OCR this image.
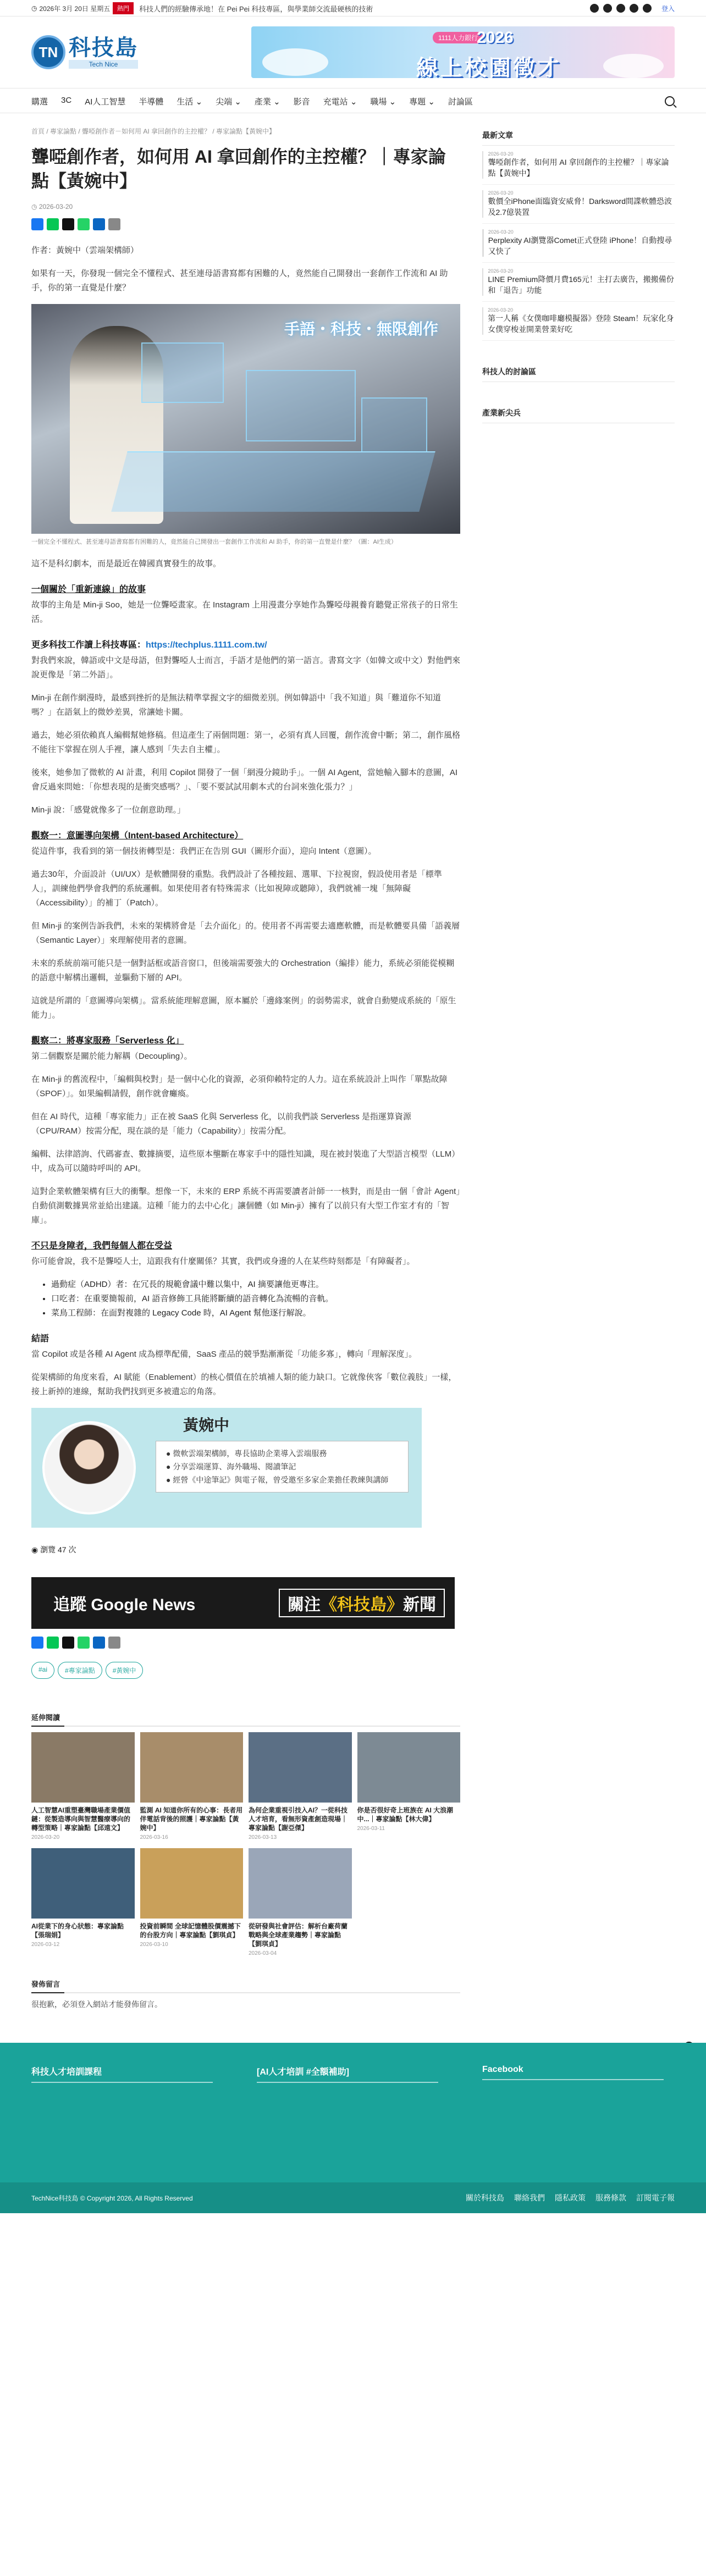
◷ 2026年 3月 20日 星期五	熱門	科技人們的經驗傳承地！在 Pei Pei 科技專區，與學業師交流最硬核的技術	登入
TN 科技島
Tech Nice
1111人力銀行
2026
線上校園徵才
購選 3C AI人工智慧 半導體 生活 ⌄ 尖端 ⌄ 產業 ⌄ 影音 充電站 ⌄ 職場 ⌄ 專題 ⌄ 討論區
首頁 / 專家論點 / 聾啞創作者－如何用 AI 拿回創作的主控權？ / 專家論點【黃婉中】
聾啞創作者，如何用 AI 拿回創作的主控權？｜專家論點【黃婉中】
◷ 2026-03-20

作者：黃婉中（雲端架構師）

如果有一天，你發現一個完全不懂程式、甚至連母語書寫都有困難的人，竟然能自己開發出一套創作工作流和 AI 助手，你的第一直覺是什麼？

手語・科技・無限創作
一個完全不懂程式、甚至連母語書寫都有困難的人，竟然能自己開發出一套創作工作流和 AI 助手，你的第一直覺是什麼？（圖：AI生成）

這不是科幻劇本，而是最近在韓國真實發生的故事。

一個關於「重新連線」的故事

故事的主角是 Min-ji Soo，她是一位聾啞畫家。在 Instagram 上用漫畫分享她作為聾啞母親養育聽覺正常孩子的日常生活。

更多科技工作讀上科技專區：https://techplus.1111.com.tw/

對我們來說，韓語或中文是母語，但對聾啞人士而言，手語才是他們的第一語言。書寫文字（如韓文或中文）對他們來說更像是「第二外語」。

Min-ji 在創作網漫時，最感到挫折的是無法精準掌握文字的細微差別。例如韓語中「我不知道」與「難道你不知道嗎？」在語氣上的微妙差異，常讓她卡關。

過去，她必須依賴真人編輯幫她修稿。但這產生了兩個問題：第一，必須有真人回覆，創作流會中斷；第二，創作風格不能往下掌握在別人手裡，讓人感到「失去自主權」。

後來，她參加了微軟的 AI 計畫，利用 Copilot 開發了一個「網漫分鏡助手」。一個 AI Agent，當她輸入腳本的意圖，AI 會反過來問她：「你想表現的是衝突感嗎？」、「要不要試試用劇本式的台詞來強化張力？」

Min-ji 說：「感覺就像多了一位創意助理。」

觀察一：意圖導向架構（Intent-based Architecture）

從這件事，我看到的第一個技術轉型是：我們正在告別 GUI（圖形介面），迎向 Intent（意圖）。

過去30年，介面設計（UI/UX）是軟體開發的重點。我們設計了各種按鈕、選單、下拉視窗，假設使用者是「標準人」，訓練他們學會我們的系統邏輯。如果使用者有特殊需求（比如視障或聽障），我們就補一塊「無障礙（Accessibility）」的補丁（Patch）。

但 Min-ji 的案例告訴我們，未來的架構將會是「去介面化」的。使用者不再需要去適應軟體，而是軟體要具備「語義層（Semantic Layer）」來理解使用者的意圖。

未來的系統前端可能只是一個對話框或語音窗口，但後端需要強大的 Orchestration（編排）能力，系統必須能從模糊的語意中解構出邏輯，並驅動下層的 API。

這就是所謂的「意圖導向架構」。當系統能理解意圖，原本屬於「邊緣案例」的弱勢需求，就會自動變成系統的「原生能力」。

觀察二：將專家服務「Serverless 化」

第二個觀察是關於能力解耦（Decoupling）。

在 Min-ji 的舊流程中，「編輯與校對」是一個中心化的資源，必須仰賴特定的人力。這在系統設計上叫作「單點故障（SPOF）」。如果編輯請假，創作就會癱瘓。

但在 AI 時代，這種「專家能力」正在被 SaaS 化與 Serverless 化，以前我們談 Serverless 是指運算資源（CPU/RAM）按需分配，現在談的是「能力（Capability）」按需分配。

編輯、法律諮詢、代碼審查、數據摘要，這些原本壟斷在專家手中的隱性知識，現在被封裝進了大型語言模型（LLM）中，成為可以隨時呼叫的 API。

這對企業軟體架構有巨大的衝擊。想像一下，未來的 ERP 系統不再需要讀者計師一一核對，而是由一個「會計 Agent」自動偵測數據異常並給出建議。這種「能力的去中心化」讓個體（如 Min-ji）擁有了以前只有大型工作室才有的「智庫」。

不只是身障者，我們每個人都在受益

你可能會說，我不是聾啞人士，這跟我有什麼關係？其實，我們或身邊的人在某些時刻都是「有障礙者」。

• 過動症（ADHD）者：在冗長的規範會議中難以集中，AI 摘要讓他更專注。
• 口吃者：在重要簡報前，AI 語音修飾工具能將斷續的語音轉化為流暢的音軌。
• 菜鳥工程師：在面對複雜的 Legacy Code 時，AI Agent 幫他逐行解說。
結語

當 Copilot 或是各種 AI Agent 成為標準配備，SaaS 產品的競爭點漸漸從「功能多寡」，轉向「理解深度」。

從架構師的角度來看，AI 賦能（Enablement）的核心價值在於填補人類的能力缺口。它就像俠客「數位義肢」一樣，接上新掉的連線，幫助我們找到更多被遺忘的角落。

黃婉中
● 微軟雲端架構師，專長協助企業導入雲端服務
● 分享雲端運算、海外職場、閱讀筆記
● 經營《中途筆記》與電子報，曾受邀至多家企業擔任教練與講師
◉ 瀏覽 47 次
追蹤 Google News	關注《科技島》新聞
#ai	#專家論點	#黃婉中
延伸閱讀
人工智慧AI重塑臺灣職場產業價值鏈：從製造導向與智慧醫療導向的轉型策略｜專家論點【邱遠文】
2026-03-20
監測 AI 知道你所有的心事：長者用伴電話背後的照護｜專家論點【黃婉中】
2026-03-16
為何企業重視引技入AI？一從科技人才培育，看無形資產創造現場｜專家論點【謝亞傑】
2026-03-13
你是否很好奇上班族在 AI 大浪潮中...｜專家論點【林大偉】
2026-03-11
AI從業下的身心狀態：專家論點【張瑞娟】
2026-03-12
投資前瞬間 全球記憶體股價震撼下的台股方向｜專家論點【劉琪貞】
2026-03-10
從研發與社會評估：解析台廠荷蘭戰略與全球產業趨勢｜專家論點【劉琪貞】
2026-03-04
發佈留言
很抱歉，必須登入網站才能發佈留言。
最新文章
2026-03-20
聾啞創作者，如何用 AI 拿回創作的主控權？｜專家論點【黃婉中】
2026-03-20
數價全iPhone面臨資安威脅！Darksword間諜軟體恐波及2.7億裝置
2026-03-20
Perplexity AI瀏覽器Comet正式登陸 iPhone！自動搜尋又快了
2026-03-20
LINE Premium降價月費165元！主打去廣告，搬搬備份和「退告」功能
2026-03-20
第一人稱《女僕咖啡廳模擬器》登陸 Steam！玩家化身女僕穿梭並開業營業好吃
科技人的討論區
產業新尖兵
科技人才培訓課程	[AI人才培訓 #全額補助]	Facebook
TechNice科技島 © Copyright 2026, All Rights Reserved	關於科技島 聯絡我們 隱私政策 服務條款 訂閱電子報
